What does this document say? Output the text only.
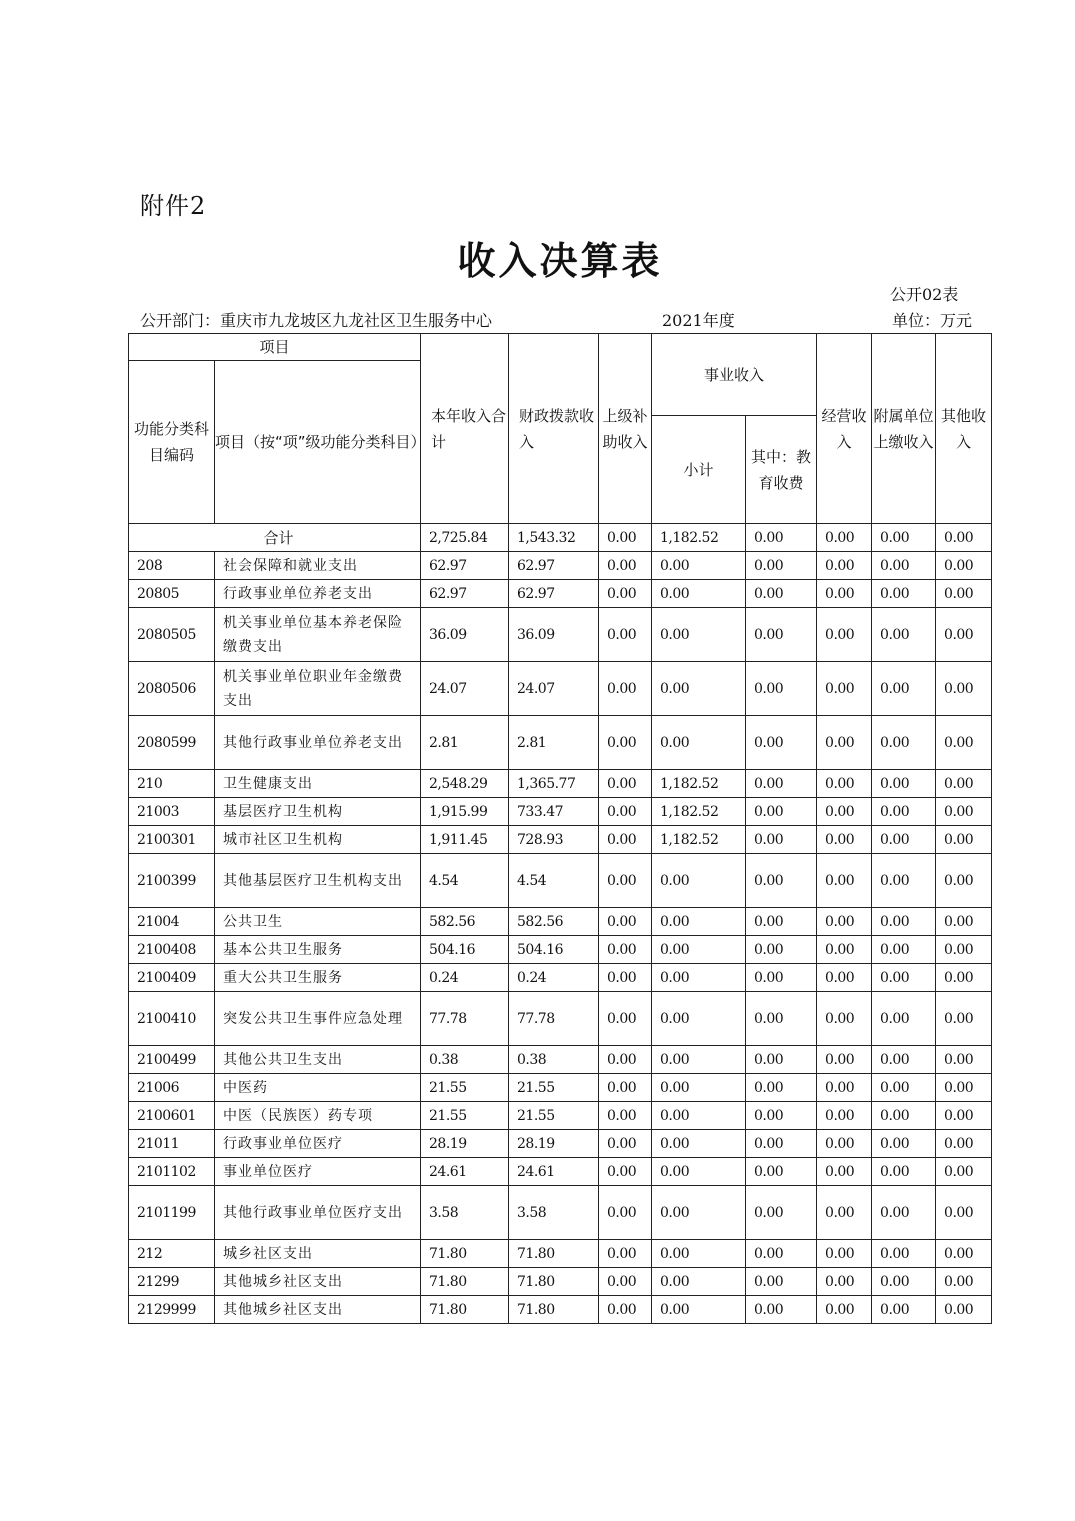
附件2
收入决算表
公开02表
公开部门：重庆市九龙坡区九龙社区卫生服务中心	2021年度	单位：万元
项目		本年收入合计	财政拨款收入	上级补助收入	事业收入		经营收入	附属单位上缴收入	其他收入
功能分类科目编码	项目（按“项”级功能分类科目）								
					小计	其中：教育收费			
合计		2,725.84	1,543.32	0.00	1,182.52	0.00	0.00	0.00	0.00
208	社会保障和就业支出	62.97	62.97	0.00	0.00	0.00	0.00	0.00	0.00
20805	行政事业单位养老支出	62.97	62.97	0.00	0.00	0.00	0.00	0.00	0.00
2080505	机关事业单位基本养老保险缴费支出	36.09	36.09	0.00	0.00	0.00	0.00	0.00	0.00
2080506	机关事业单位职业年金缴费支出	24.07	24.07	0.00	0.00	0.00	0.00	0.00	0.00
2080599	其他行政事业单位养老支出	2.81	2.81	0.00	0.00	0.00	0.00	0.00	0.00
210	卫生健康支出	2,548.29	1,365.77	0.00	1,182.52	0.00	0.00	0.00	0.00
21003	基层医疗卫生机构	1,915.99	733.47	0.00	1,182.52	0.00	0.00	0.00	0.00
2100301	城市社区卫生机构	1,911.45	728.93	0.00	1,182.52	0.00	0.00	0.00	0.00
2100399	其他基层医疗卫生机构支出	4.54	4.54	0.00	0.00	0.00	0.00	0.00	0.00
21004	公共卫生	582.56	582.56	0.00	0.00	0.00	0.00	0.00	0.00
2100408	基本公共卫生服务	504.16	504.16	0.00	0.00	0.00	0.00	0.00	0.00
2100409	重大公共卫生服务	0.24	0.24	0.00	0.00	0.00	0.00	0.00	0.00
2100410	突发公共卫生事件应急处理	77.78	77.78	0.00	0.00	0.00	0.00	0.00	0.00
2100499	其他公共卫生支出	0.38	0.38	0.00	0.00	0.00	0.00	0.00	0.00
21006	中医药	21.55	21.55	0.00	0.00	0.00	0.00	0.00	0.00
2100601	中医（民族医）药专项	21.55	21.55	0.00	0.00	0.00	0.00	0.00	0.00
21011	行政事业单位医疗	28.19	28.19	0.00	0.00	0.00	0.00	0.00	0.00
2101102	事业单位医疗	24.61	24.61	0.00	0.00	0.00	0.00	0.00	0.00
2101199	其他行政事业单位医疗支出	3.58	3.58	0.00	0.00	0.00	0.00	0.00	0.00
212	城乡社区支出	71.80	71.80	0.00	0.00	0.00	0.00	0.00	0.00
21299	其他城乡社区支出	71.80	71.80	0.00	0.00	0.00	0.00	0.00	0.00
2129999	其他城乡社区支出	71.80	71.80	0.00	0.00	0.00	0.00	0.00	0.00
